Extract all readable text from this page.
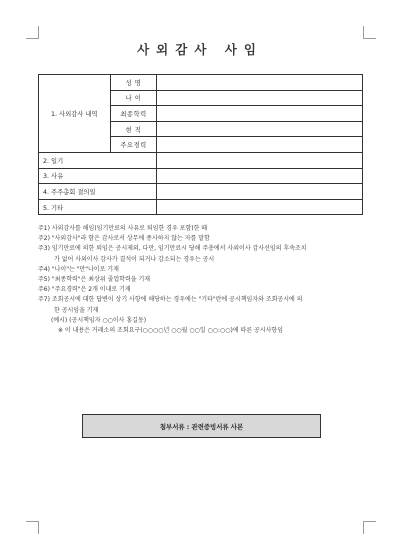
사외감사 사임
1. 사외감사 내역	성 명	
	나 이	
	최종학력	
	현 직	
	주요경력	
2. 일기		
3. 사유		
4. 주주총회 결의일		
5. 기타		
주1) 사외감사를 해임(임기만료의 사유로 퇴임한 경우 포함)한 때
주2) "사외감사"라 함은 감사로서 상무에 종사하지 않는 자를 말함
주3) 임기만료에 의한 퇴임은 공시제외, 다만, 임기만료시 당해 주총에서 사외이사 감사선임의 후속조치
가 없어 사외이사 감사가 결석이 되거나 감소되는 경우는 공시
주4) "나이"는 "만"나이로 기재
주5) "최종학력"은 최상위 졸업학력을 기재
주6) "주요경력"은 2개 이내로 기재
주7) 조회공시에 대한 답변이 상기 사항에 해당하는 경우에는 "기타"란에 공시책임자와 조회공시에 의
한 공시임을 기재
(예시) (공시책임자 ○○이사 홍길동)
※ 이 내용은 거래소의 조회요구(○○○○년 ○○월 ○○일 ○○:○○)에 따른 공시사항임
첨부서류 : 관련증빙서류 사본
